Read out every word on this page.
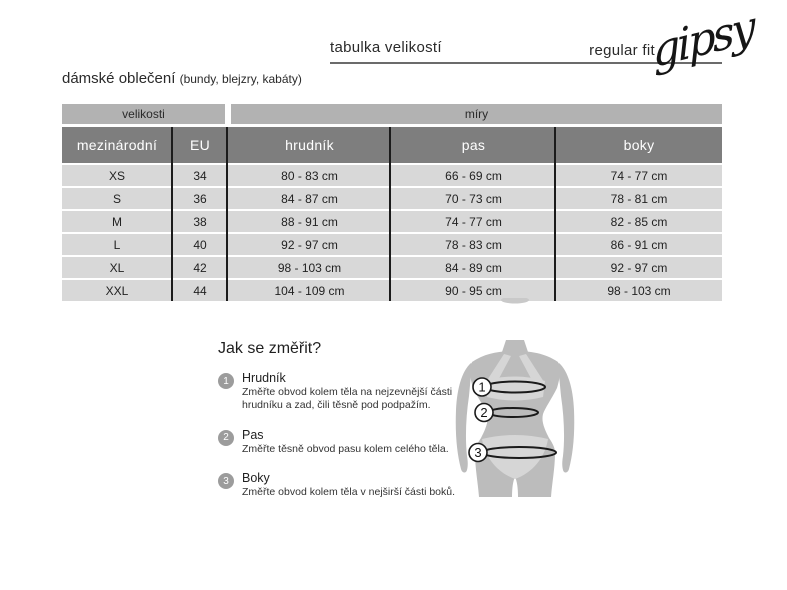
tabulka velikostí	regular fit
gipsy
dámské oblečení (bundy, blejzry, kabáty)
velikosti	míry
mezinárodní	EU	hrudník	pas	boky
XS	34	80 - 83 cm	66 - 69 cm	74 - 77 cm
S	36	84 - 87 cm	70 - 73 cm	78 - 81 cm
M	38	88 - 91 cm	74 - 77 cm	82 - 85 cm
L	40	92 - 97 cm	78 - 83 cm	86 - 91 cm
XL	42	98 - 103 cm	84 - 89 cm	92 - 97 cm
XXL	44	104 - 109 cm	90 - 95 cm	98 - 103 cm
Jak se změřit?
1	Hrudník
Změřte obvod kolem těla na nejzevnější části hrudníku a zad, čili těsně pod podpažím.
2	Pas
Změřte těsně obvod pasu kolem celého těla.
3	Boky
Změřte obvod kolem těla v nejširší části boků.
1
2
3
